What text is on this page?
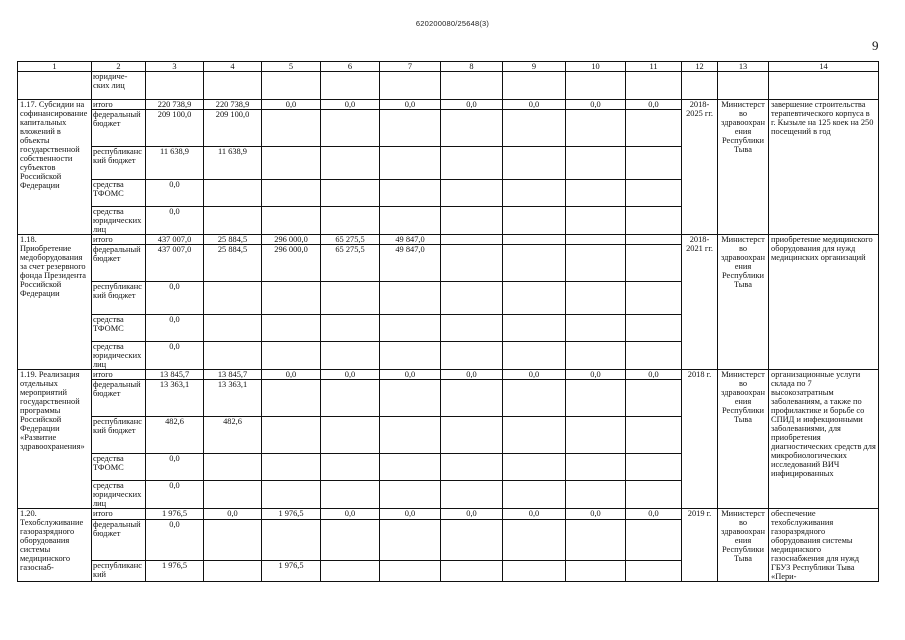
620200080/25648(3)
9
1	2	3	4	5	6	7	8	9	10	11	12	13	14
	юридиче-ских лиц												
1.17. Субсидии на софинансирование капитальных вложений в объекты государственной собственности субъектов Российской Федерации	итого	220 738,9	220 738,9	0,0	0,0	0,0	0,0	0,0	0,0	0,0	2018-2025 гг.	Министерство здравоохранения Республики Тыва	завершение строительства терапевтического корпуса в г. Кызыле на 125 коек на 250 посещений в год
	федеральный бюджет	209 100,0	209 100,0										
	республиканский бюджет	11 638,9	11 638,9										
	средства ТФОМС	0,0											
	средства юридических лиц	0,0											
1.18. Приобретение медоборудования за счет резервного фонда Президента Российской Федерации	итого	437 007,0	25 884,5	296 000,0	65 275,5	49 847,0					2018-2021 гг.	Министерство здравоохранения Республики Тыва	приобретение медицинского оборудования для нужд медицинских организаций
	федеральный бюджет	437 007,0	25 884,5	296 000,0	65 275,5	49 847,0							
	республиканский бюджет	0,0											
	средства ТФОМС	0,0											
	средства юридических лиц	0,0											
1.19. Реализация отдельных мероприятий государственной программы Российской Федерации «Развитие здравоохранения»	итого	13 845,7	13 845,7	0,0	0,0	0,0	0,0	0,0	0,0	0,0	2018 г.	Министерство здравоохранения Республики Тыва	организационные услуги склада по 7 высокозатратным заболеваниям, а также по профилактике и борьбе со СПИД и инфекционными заболеваниями, для приобретения диагностических средств для микробиологических исследований ВИЧ инфицированных
	федеральный бюджет	13 363,1	13 363,1										
	республиканский бюджет	482,6	482,6										
	средства ТФОМС	0,0											
	средства юридических лиц	0,0											
1.20. Техобслуживание газоразрядного оборудования системы медицинского газоснаб-	итого	1 976,5	0,0	1 976,5	0,0	0,0	0,0	0,0	0,0	0,0	2019 г.	Министерство здравоохранения Республики Тыва	обеспечение техобслуживания газоразрядного оборудования системы медицинского газоснабжения для нужд ГБУЗ Республики Тыва «Пери-
	федеральный бюджет	0,0											
	республиканский	1 976,5		1 976,5									
